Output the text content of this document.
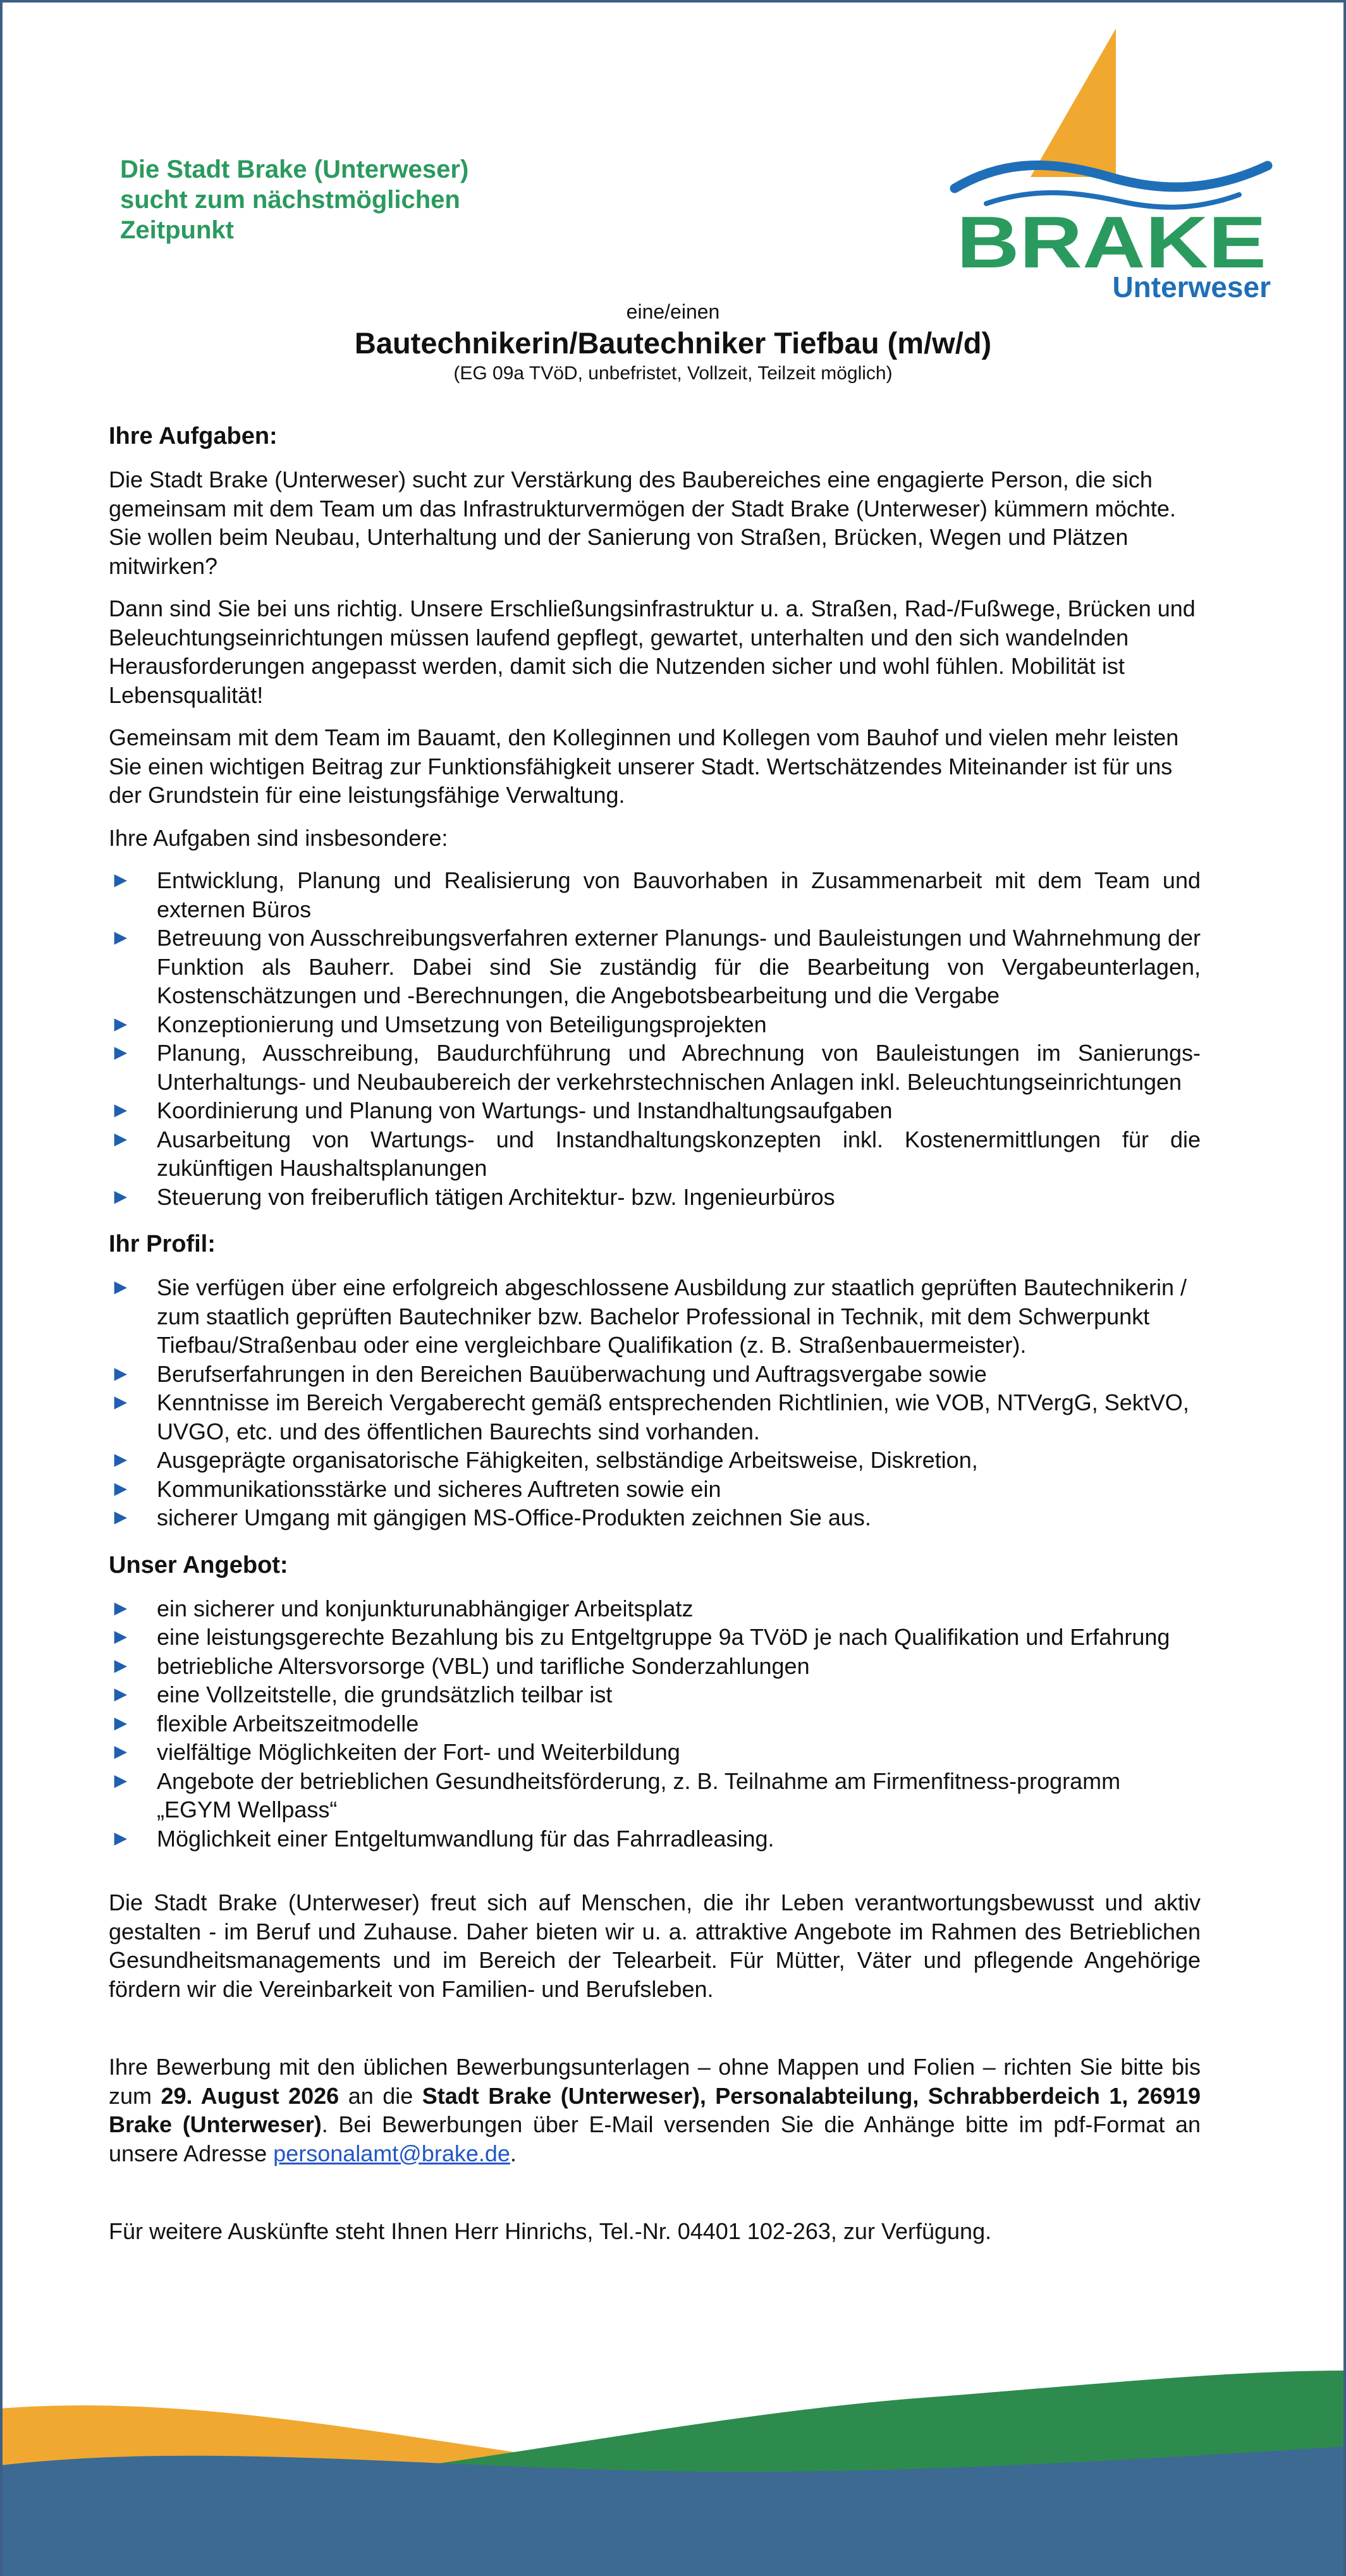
Die Stadt Brake (Unterweser)
sucht zum nächstmöglichen
Zeitpunkt	BRAKE
Unterweser
eine/einen
Bautechnikerin/Bautechniker Tiefbau (m/w/d)
(EG 09a TVöD, unbefristet, Vollzeit, Teilzeit möglich)
Ihre Aufgaben:

Die Stadt Brake (Unterweser) sucht zur Verstärkung des Baubereiches eine engagierte Person, die sich gemeinsam mit dem Team um das Infrastrukturvermögen der Stadt Brake (Unterweser) kümmern möchte. Sie wollen beim Neubau, Unterhaltung und der Sanierung von Straßen, Brücken, Wegen und Plätzen mitwirken?

Dann sind Sie bei uns richtig. Unsere Erschließungsinfrastruktur u. a. Straßen, Rad-/Fußwege, Brücken und Beleuchtungseinrichtungen müssen laufend gepflegt, gewartet, unterhalten und den sich wandelnden Herausforderungen angepasst werden, damit sich die Nutzenden sicher und wohl fühlen. Mobilität ist Lebensqualität!

Gemeinsam mit dem Team im Bauamt, den Kolleginnen und Kollegen vom Bauhof und vielen mehr leisten Sie einen wichtigen Beitrag zur Funktionsfähigkeit unserer Stadt. Wertschätzendes Miteinander ist für uns der Grundstein für eine leistungsfähige Verwaltung.

Ihre Aufgaben sind insbesondere:

► Entwicklung, Planung und Realisierung von Bauvorhaben in Zusammenarbeit mit dem Team und externen Büros
► Betreuung von Ausschreibungsverfahren externer Planungs- und Bauleistungen und Wahrnehmung der Funktion als Bauherr. Dabei sind Sie zuständig für die Bearbeitung von Vergabeunterlagen, Kostenschätzungen und -Berechnungen, die Angebotsbearbeitung und die Vergabe
► Konzeptionierung und Umsetzung von Beteiligungsprojekten
► Planung, Ausschreibung, Baudurchführung und Abrechnung von Bauleistungen im Sanierungs- Unterhaltungs- und Neubaubereich der verkehrstechnischen Anlagen inkl. Beleuchtungseinrichtungen
► Koordinierung und Planung von Wartungs- und Instandhaltungsaufgaben
► Ausarbeitung von Wartungs- und Instandhaltungskonzepten inkl. Kostenermittlungen für die zukünftigen Haushaltsplanungen
► Steuerung von freiberuflich tätigen Architektur- bzw. Ingenieurbüros
Ihr Profil:
► Sie verfügen über eine erfolgreich abgeschlossene Ausbildung zur staatlich geprüften Bautechnikerin / zum staatlich geprüften Bautechniker bzw. Bachelor Professional in Technik, mit dem Schwerpunkt Tiefbau/Straßenbau oder eine vergleichbare Qualifikation (z. B. Straßenbauermeister).
► Berufserfahrungen in den Bereichen Bauüberwachung und Auftragsvergabe sowie
► Kenntnisse im Bereich Vergaberecht gemäß entsprechenden Richtlinien, wie VOB, NTVergG, SektVO, UVGO, etc. und des öffentlichen Baurechts sind vorhanden.
► Ausgeprägte organisatorische Fähigkeiten, selbständige Arbeitsweise, Diskretion,
► Kommunikationsstärke und sicheres Auftreten sowie ein
► sicherer Umgang mit gängigen MS-Office-Produkten zeichnen Sie aus.
Unser Angebot:
► ein sicherer und konjunkturunabhängiger Arbeitsplatz
► eine leistungsgerechte Bezahlung bis zu Entgeltgruppe 9a TVöD je nach Qualifikation und Erfahrung
► betriebliche Altersvorsorge (VBL) und tarifliche Sonderzahlungen
► eine Vollzeitstelle, die grundsätzlich teilbar ist
► flexible Arbeitszeitmodelle
► vielfältige Möglichkeiten der Fort- und Weiterbildung
► Angebote der betrieblichen Gesundheitsförderung, z. B. Teilnahme am Firmenfitness-programm „EGYM Wellpass“
► Möglichkeit einer Entgeltumwandlung für das Fahrradleasing.

Die Stadt Brake (Unterweser) freut sich auf Menschen, die ihr Leben verantwortungsbewusst und aktiv gestalten - im Beruf und Zuhause. Daher bieten wir u. a. attraktive Angebote im Rahmen des Betrieblichen Gesundheitsmanagements und im Bereich der Telearbeit. Für Mütter, Väter und pflegende Angehörige fördern wir die Vereinbarkeit von Familien- und Berufsleben.

Ihre Bewerbung mit den üblichen Bewerbungsunterlagen – ohne Mappen und Folien – richten Sie bitte bis zum 29. August 2026 an die Stadt Brake (Unterweser), Personalabteilung, Schrabberdeich 1, 26919 Brake (Unterweser). Bei Bewerbungen über E-Mail versenden Sie die Anhänge bitte im pdf-Format an unsere Adresse personalamt@brake.de.

Für weitere Auskünfte steht Ihnen Herr Hinrichs, Tel.-Nr. 04401 102-263, zur Verfügung.
